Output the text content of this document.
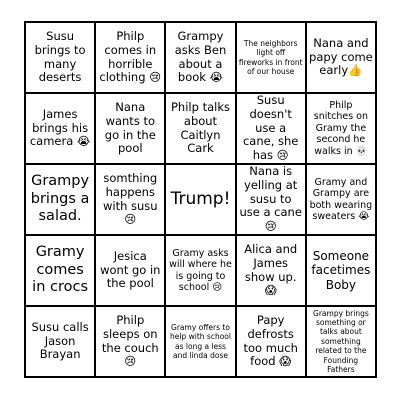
Susu brings to many deserts
Philp comes in horrible clothing 😢
Grampy asks Ben about a book 😭
The neighbors light off fireworks in front of our house
Nana and papy come early👍
James brings his camera 😭
Nana wants to go in the pool
Philp talks about Caitlyn Cark
Susu doesn't use a cane, she has 😢
Philp snitches on Gramy the second he walks in 💀
Grampy brings a salad.
somthing happens with susu 😢
Trump!
Nana is yelling at susu to use a cane 😢
Gramy and Grampy are both wearing sweaters 😭
Gramy comes in crocs
Jesica wont go in the pool
Gramy asks will where he is going to school 😢
Alica and James show up. 😱
Someone facetimes Boby
Susu calls Jason Brayan
Philp sleeps on the couch 😢
Gramy offers to help with school as long a less and linda dose
Papy defrosts too much food 😱
Grampy brings something or talks about something related to the Founding Fathers
